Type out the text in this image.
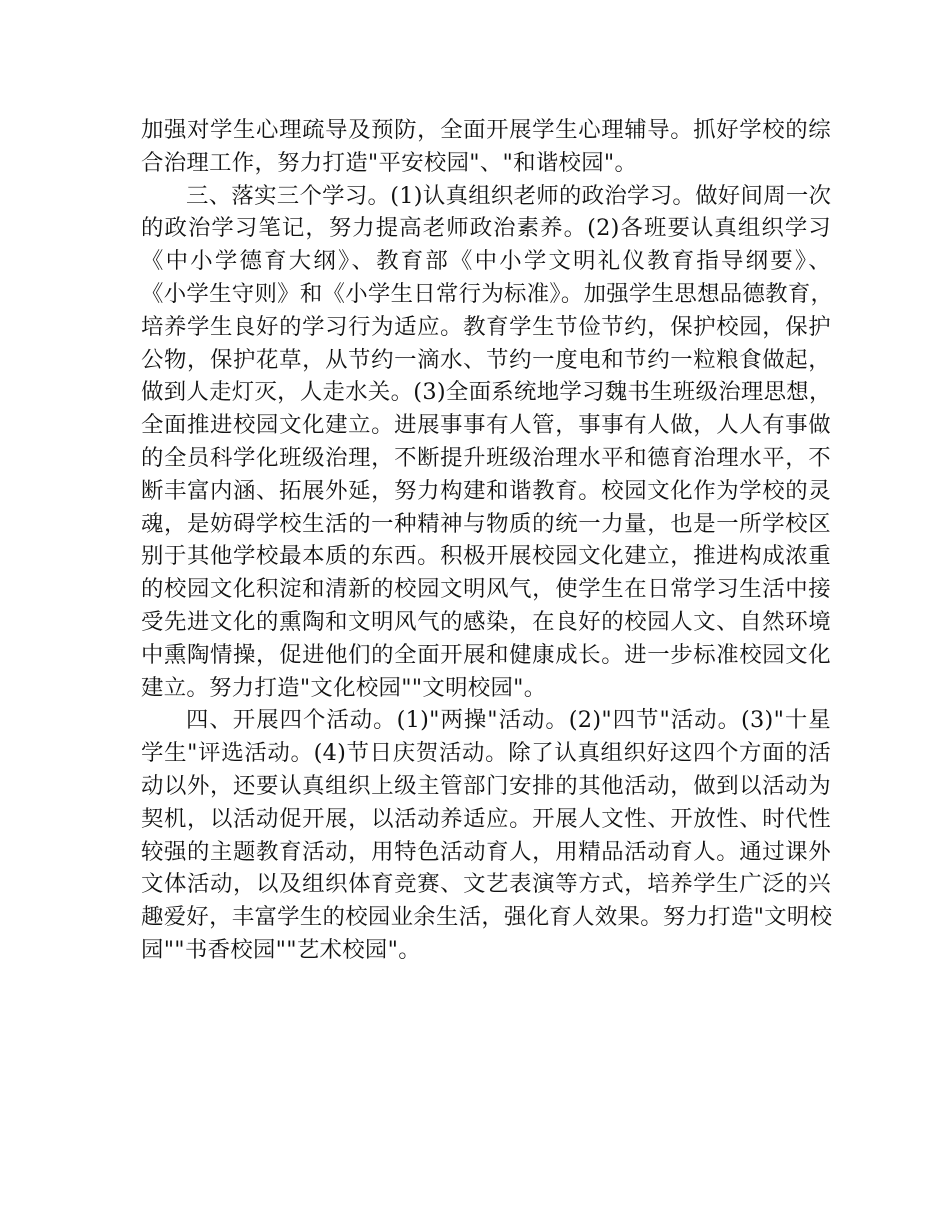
加强对学生心理疏导及预防，全面开展学生心理辅导。抓好学校的综
合治理工作，努力打造"平安校园"、"和谐校园"。
三、落实三个学习。(1)认真组织老师的政治学习。做好间周一次
的政治学习笔记，努力提高老师政治素养。(2)各班要认真组织学习
《中小学德育大纲》、教育部《中小学文明礼仪教育指导纲要》、
《小学生守则》和《小学生日常行为标准》。加强学生思想品德教育，
培养学生良好的学习行为适应。教育学生节俭节约，保护校园，保护
公物，保护花草，从节约一滴水、节约一度电和节约一粒粮食做起，
做到人走灯灭，人走水关。(3)全面系统地学习魏书生班级治理思想，
全面推进校园文化建立。进展事事有人管，事事有人做，人人有事做
的全员科学化班级治理，不断提升班级治理水平和德育治理水平，不
断丰富内涵、拓展外延，努力构建和谐教育。校园文化作为学校的灵
魂，是妨碍学校生活的一种精神与物质的统一力量，也是一所学校区
别于其他学校最本质的东西。积极开展校园文化建立，推进构成浓重
的校园文化积淀和清新的校园文明风气，使学生在日常学习生活中接
受先进文化的熏陶和文明风气的感染，在良好的校园人文、自然环境
中熏陶情操，促进他们的全面开展和健康成长。进一步标准校园文化
建立。努力打造"文化校园""文明校园"。
四、开展四个活动。(1)"两操"活动。(2)"四节"活动。(3)"十星
学生"评选活动。(4)节日庆贺活动。除了认真组织好这四个方面的活
动以外，还要认真组织上级主管部门安排的其他活动，做到以活动为
契机，以活动促开展，以活动养适应。开展人文性、开放性、时代性
较强的主题教育活动，用特色活动育人，用精品活动育人。通过课外
文体活动，以及组织体育竞赛、文艺表演等方式，培养学生广泛的兴
趣爱好，丰富学生的校园业余生活，强化育人效果。努力打造"文明校
园""书香校园""艺术校园"。
